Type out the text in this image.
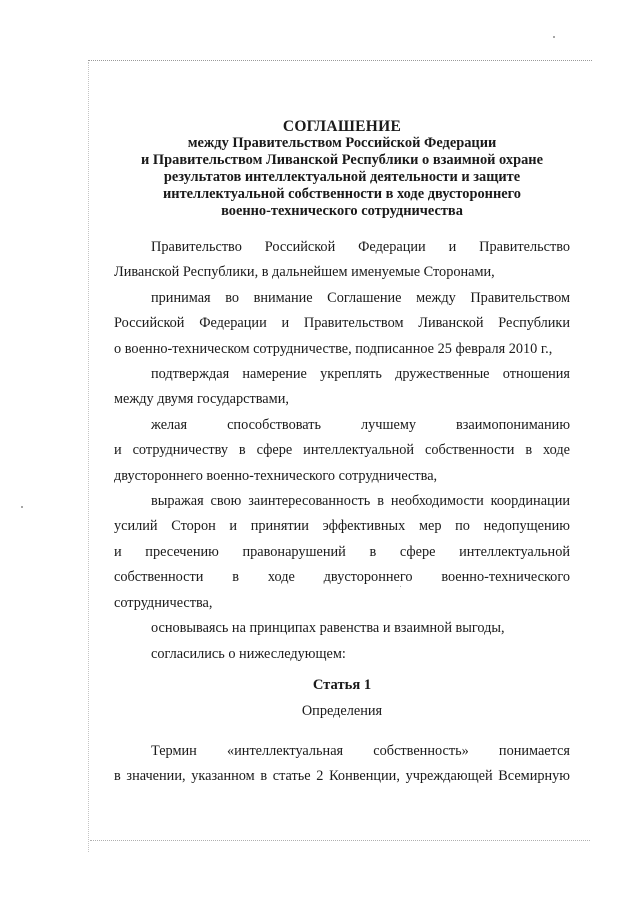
СОГЛАШЕНИЕ
между Правительством Российской Федерации
и Правительством Ливанской Республики о взаимной охране
результатов интеллектуальной деятельности и защите
интеллектуальной собственности в ходе двустороннего
военно-технического сотрудничества

Правительство Российской Федерации и Правительство
Ливанской Республики, в дальнейшем именуемые Сторонами,

принимая во внимание Соглашение между Правительством
Российской Федерации и Правительством Ливанской Республики
о военно-техническом сотрудничестве, подписанное 25 февраля 2010 г.,

подтверждая намерение укреплять дружественные отношения
между двумя государствами,

желая способствовать лучшему взаимопониманию
и сотрудничеству в сфере интеллектуальной собственности в ходе
двустороннего военно-технического сотрудничества,

выражая свою заинтересованность в необходимости координации
усилий Сторон и принятии эффективных мер по недопущению
и пресечению правонарушений в сфере интеллектуальной
собственности в ходе двустороннего военно-технического
сотрудничества,

основываясь на принципах равенства и взаимной выгоды,

согласились о нижеследующем:

Статья 1
Определения

Термин «интеллектуальная собственность» понимается
в значении, указанном в статье 2 Конвенции, учреждающей Всемирную
